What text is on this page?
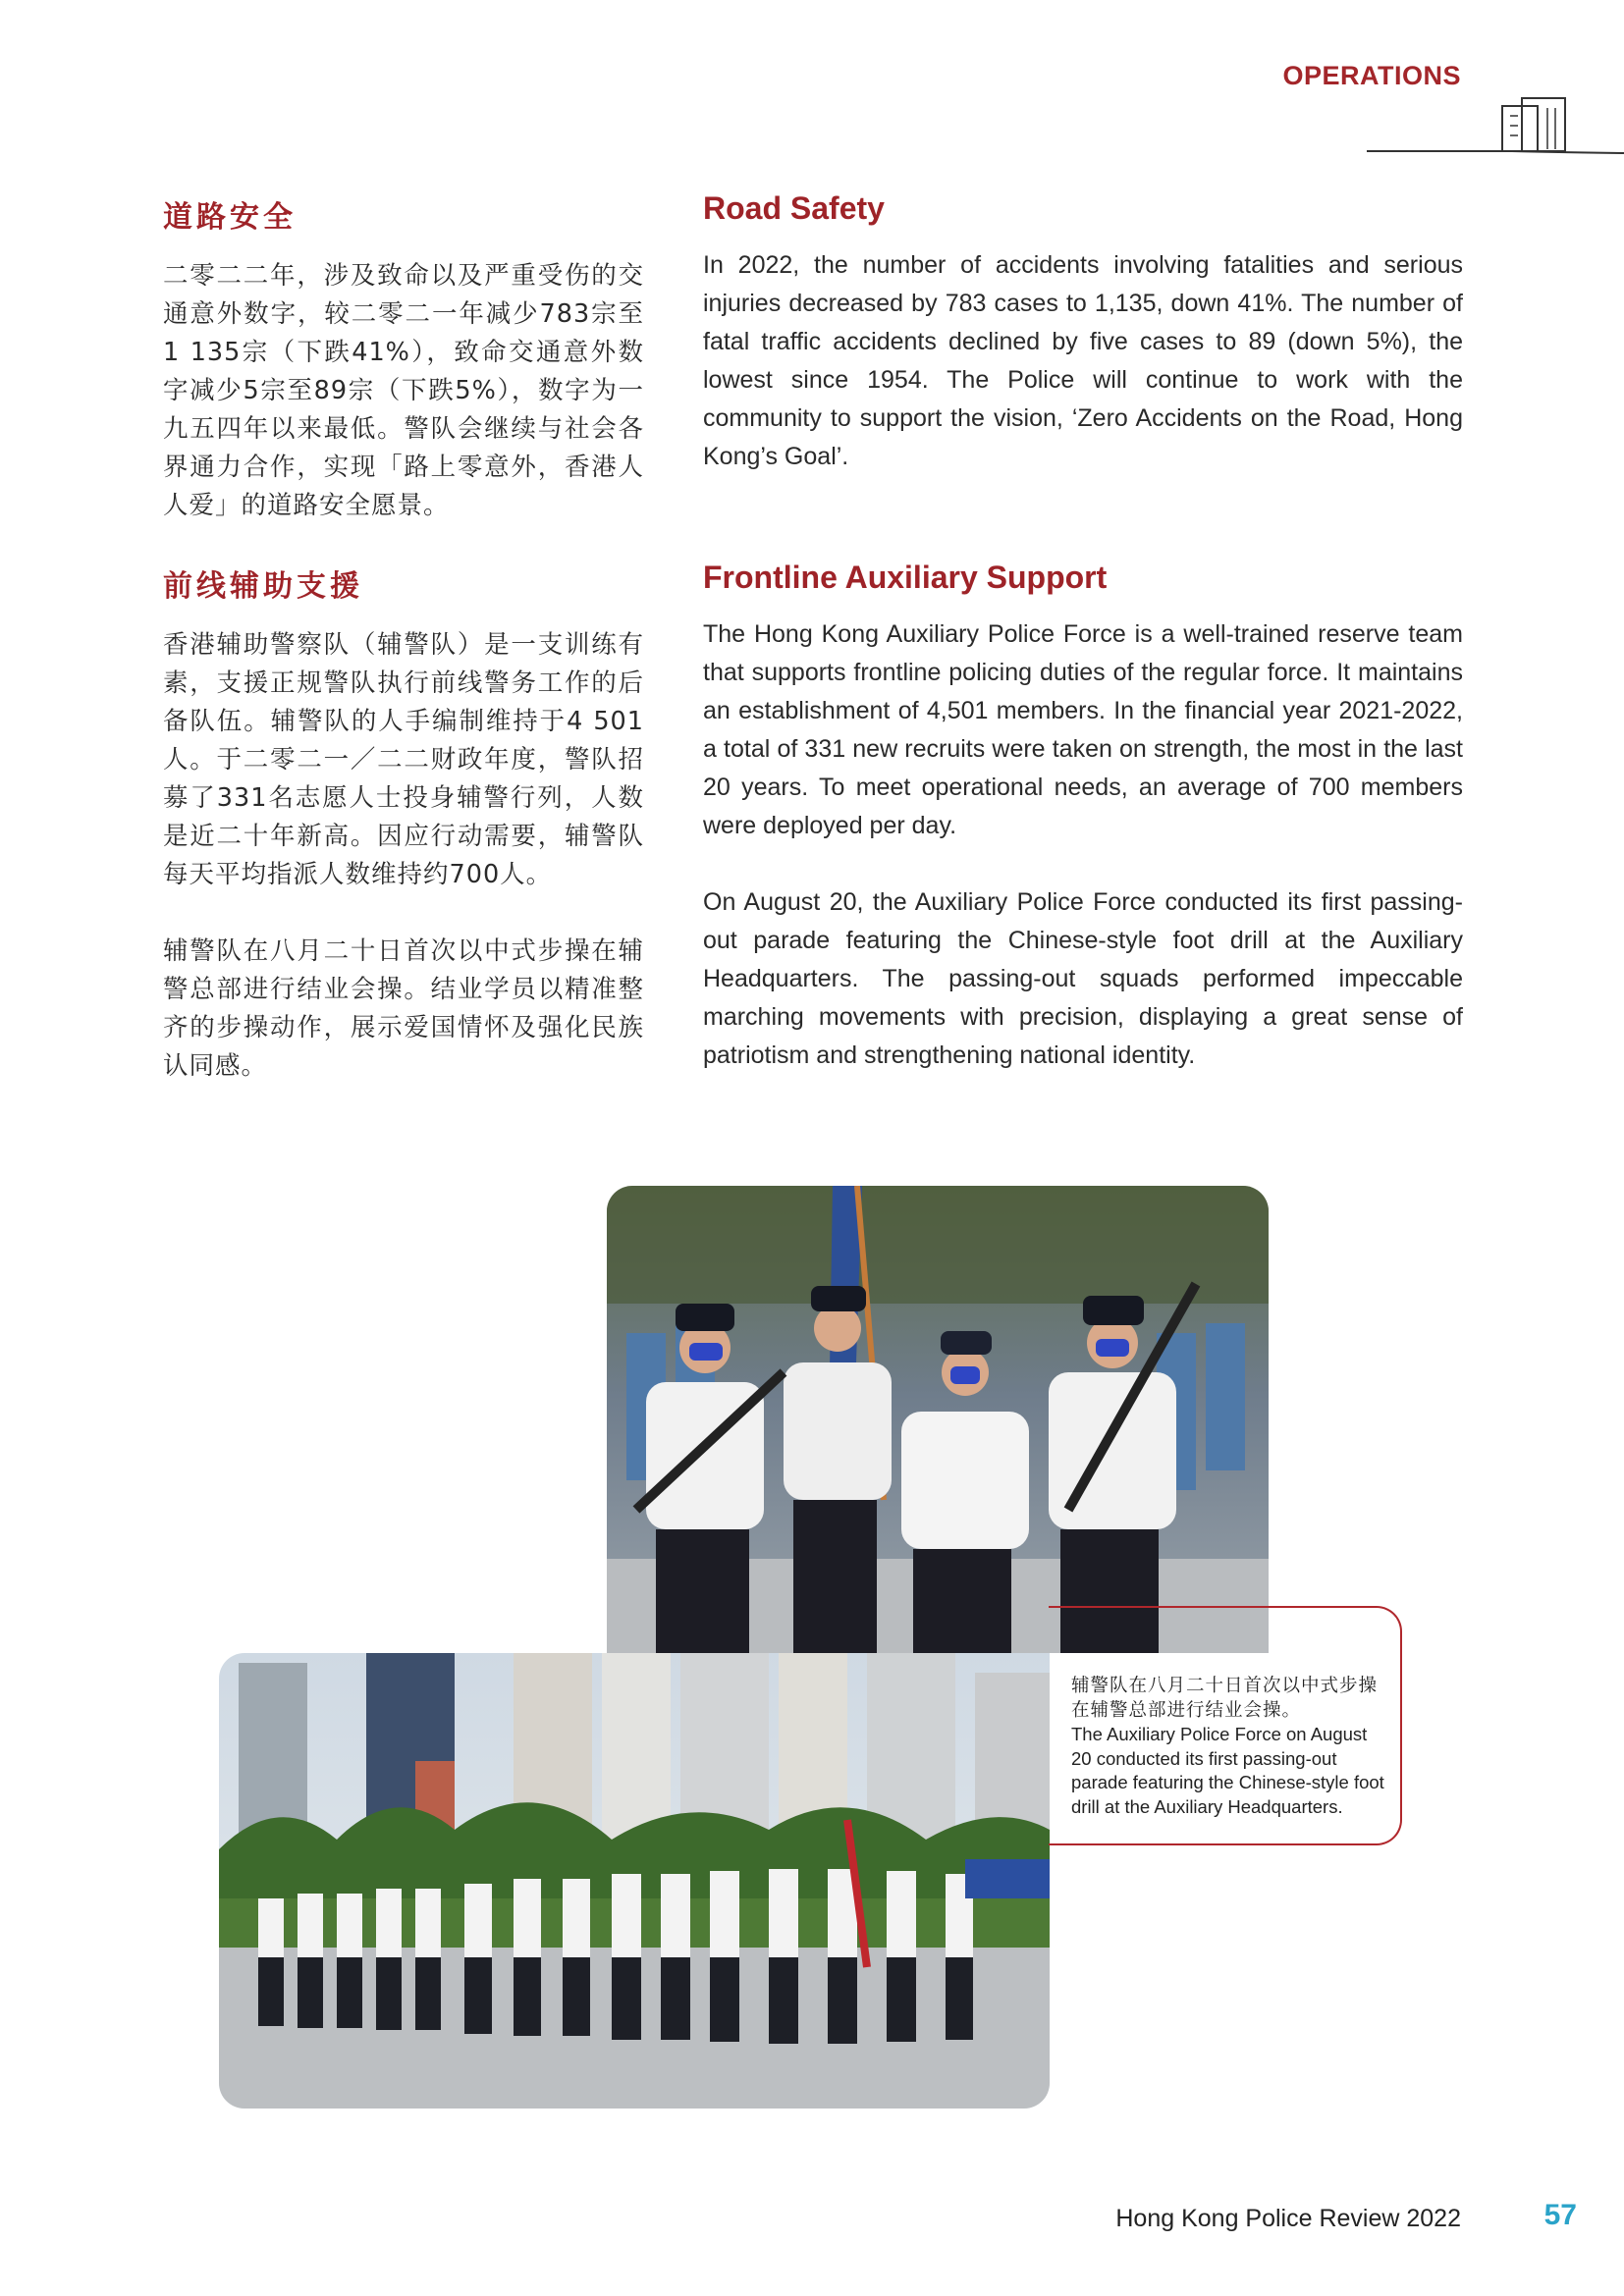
OPERATIONS
道路安全

二零二二年，涉及致命以及严重受伤的交通意外数字，较二零二一年减少783宗至1 135宗（下跌41%），致命交通意外数字减少5宗至89宗（下跌5%），数字为一九五四年以来最低。警队会继续与社会各界通力合作，实现「路上零意外，香港人人爱」的道路安全愿景。

Road Safety

In 2022, the number of accidents involving fatalities and serious injuries decreased by 783 cases to 1,135, down 41%. The number of fatal traffic accidents declined by five cases to 89 (down 5%), the lowest since 1954. The Police will continue to work with the community to support the vision, ‘Zero Accidents on the Road, Hong Kong’s Goal’.

前线辅助支援

香港辅助警察队（辅警队）是一支训练有素，支援正规警队执行前线警务工作的后备队伍。辅警队的人手编制维持于4 501人。于二零二一／二二财政年度，警队招募了331名志愿人士投身辅警行列，人数是近二十年新高。因应行动需要，辅警队每天平均指派人数维持约700人。

辅警队在八月二十日首次以中式步操在辅警总部进行结业会操。结业学员以精准整齐的步操动作，展示爱国情怀及强化民族认同感。

Frontline Auxiliary Support

The Hong Kong Auxiliary Police Force is a well-trained reserve team that supports frontline policing duties of the regular force. It maintains an establishment of 4,501 members. In the financial year 2021-2022, a total of 331 new recruits were taken on strength, the most in the last 20 years. To meet operational needs, an average of 700 members were deployed per day.

On August 20, the Auxiliary Police Force conducted its first passing-out parade featuring the Chinese-style foot drill at the Auxiliary Headquarters. The passing-out squads performed impeccable marching movements with precision, displaying a great sense of patriotism and strengthening national identity.

辅警队在八月二十日首次以中式步操在辅警总部进行结业会操。
The Auxiliary Police Force on August 20 conducted its first passing-out parade featuring the Chinese-style foot drill at the Auxiliary Headquarters.
Hong Kong Police Review 2022	57
